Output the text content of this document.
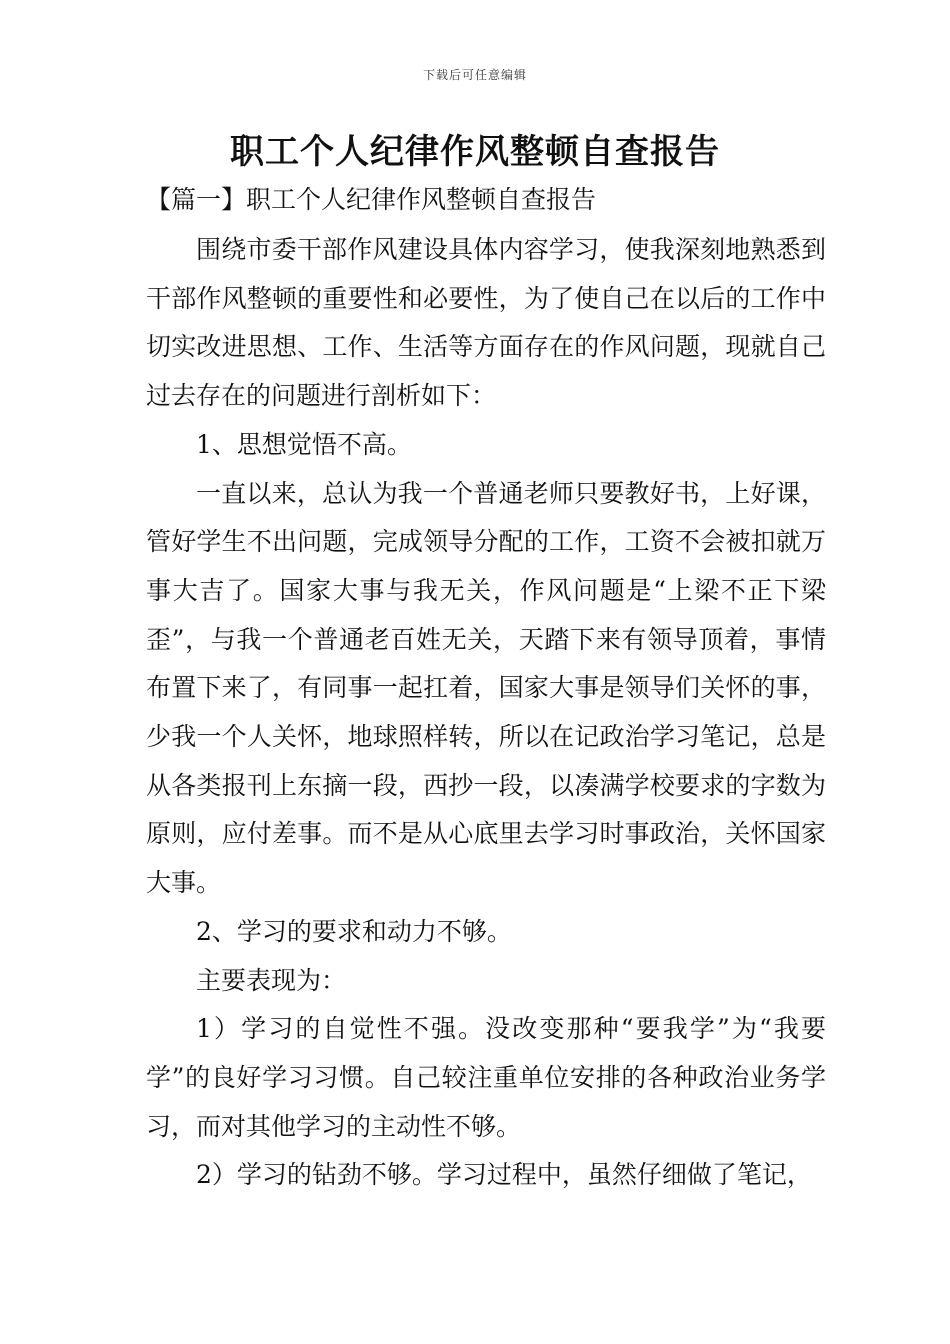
下载后可任意编辑
职工个人纪律作风整顿自查报告
【篇一】职工个人纪律作风整顿自查报告

围绕市委干部作风建设具体内容学习，使我深刻地熟悉到干部作风整顿的重要性和必要性，为了使自己在以后的工作中切实改进思想、工作、生活等方面存在的作风问题，现就自己过去存在的问题进行剖析如下：

1、思想觉悟不高。

一直以来，总认为我一个普通老师只要教好书，上好课，管好学生不出问题，完成领导分配的工作，工资不会被扣就万事大吉了。国家大事与我无关，作风问题是“上梁不正下梁歪”，与我一个普通老百姓无关，天踏下来有领导顶着，事情布置下来了，有同事一起扛着，国家大事是领导们关怀的事，少我一个人关怀，地球照样转，所以在记政治学习笔记，总是从各类报刊上东摘一段，西抄一段，以凑满学校要求的字数为原则，应付差事。而不是从心底里去学习时事政治，关怀国家大事。

2、学习的要求和动力不够。

主要表现为：

1）学习的自觉性不强。没改变那种“要我学”为“我要学”的良好学习习惯。自己较注重单位安排的各种政治业务学习，而对其他学习的主动性不够。

2）学习的钻劲不够。学习过程中，虽然仔细做了笔记，
